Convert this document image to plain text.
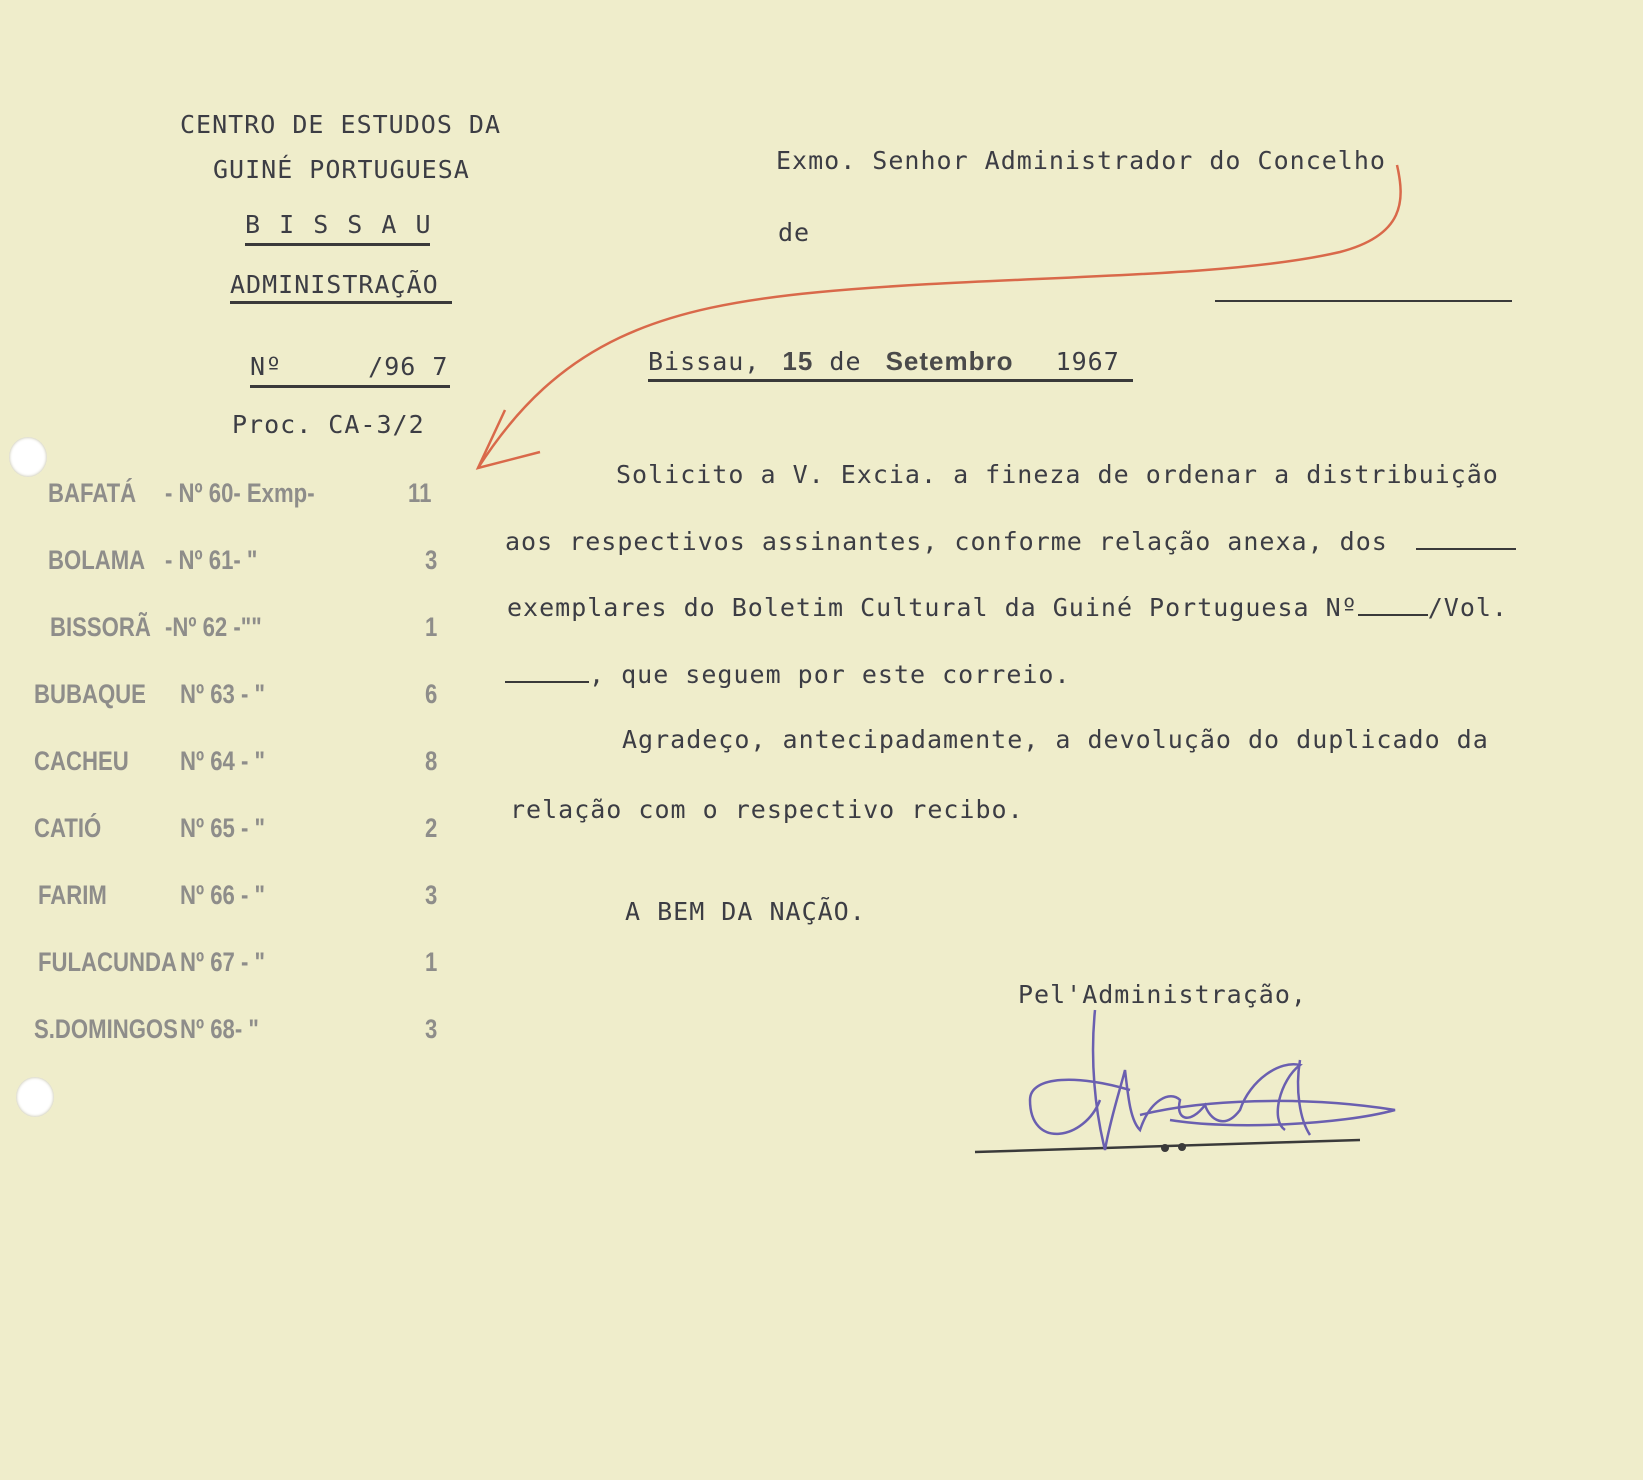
CENTRO DE ESTUDOS DA
GUINÉ PORTUGUESA
B I S S A U
ADMINISTRAÇÃO
Nº	/96 7
Proc. CA-3/2
Exmo. Senhor Administrador do Concelho
de
Bissau, 15 de Setembro 1967
BAFATÁ - Nº 60- Exmp-	11
BOLAMA - Nº 61- "	3
BISSORÃ -Nº 62 -""	1
BUBAQUE Nº 63 - "	6
CACHEU Nº 64 - "	8
CATIÓ	Nº 65 - "	2
FARIM	Nº 66 - "	3
FULACUNDA Nº 67 - "	1
S.DOMINGOS Nº 68- "	3
Solicito a V. Excia. a fineza de ordenar a distribuição
aos respectivos assinantes, conforme relação anexa, dos
exemplares do Boletim Cultural da Guiné Portuguesa Nº	/Vol.
, que seguem por este correio.
Agradeço, antecipadamente, a devolução do duplicado da
relação com o respectivo recibo.
A BEM DA NAÇÃO.
Pel'Administração,
